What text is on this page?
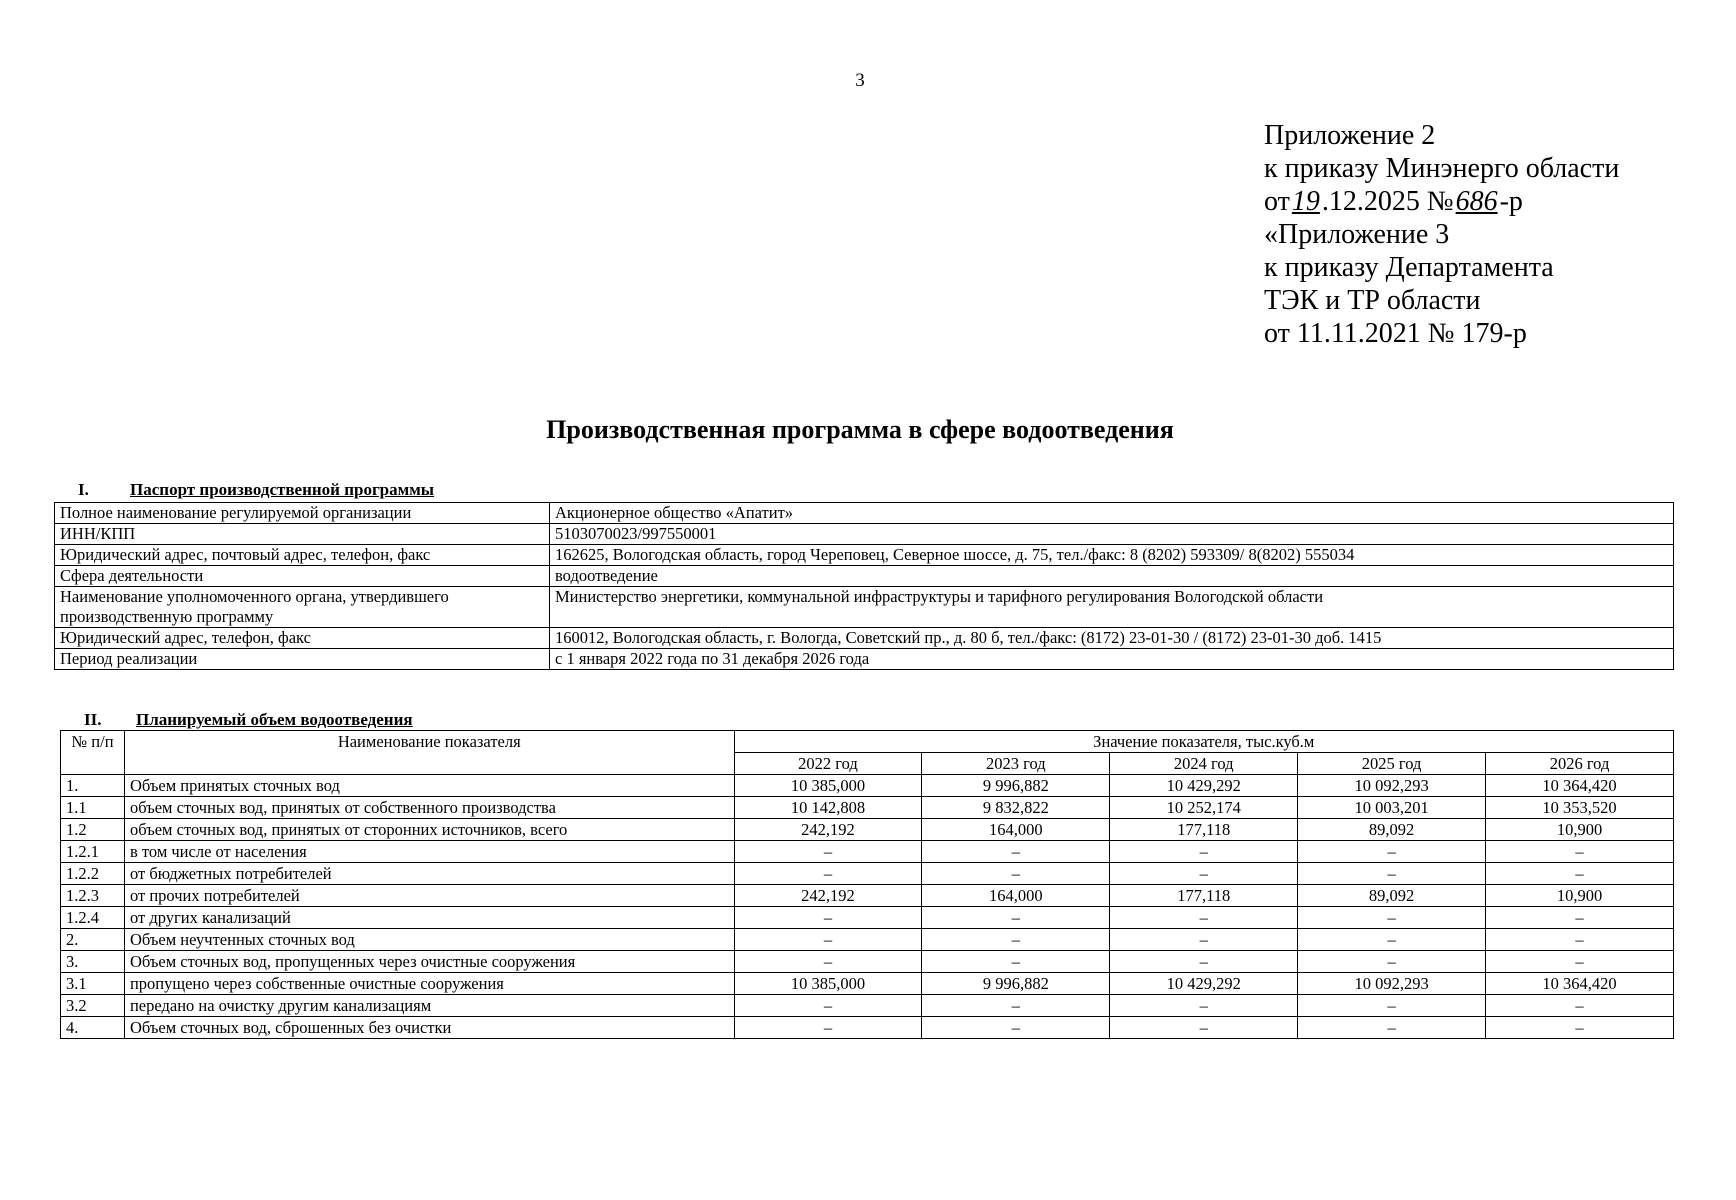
3
Приложение 2
к приказу Минэнерго области
от19.12.2025 №686-р
«Приложение 3
к приказу Департамента
ТЭК и ТР области
от 11.11.2021 № 179-р
Производственная программа в сфере водоотведения
I. Паспорт производственной программы
Полное наименование регулируемой организации	Акционерное общество «Апатит»
ИНН/КПП	5103070023/997550001
Юридический адрес, почтовый адрес, телефон, факс	162625, Вологодская область, город Череповец, Северное шоссе, д. 75, тел./факс: 8 (8202) 593309/ 8(8202) 555034
Сфера деятельности	водоотведение
Наименование уполномоченного органа, утвердившего производственную программу	Министерство энергетики, коммунальной инфраструктуры и тарифного регулирования Вологодской области
Юридический адрес, телефон, факс	160012, Вологодская область, г. Вологда, Советский пр., д. 80 б, тел./факс: (8172) 23-01-30 / (8172) 23-01-30 доб. 1415
Период реализации	с 1 января 2022 года по 31 декабря 2026 года
II. Планируемый объем водоотведения
№ п/п	Наименование показателя	Значение показателя, тыс.куб.м				
		2022 год	2023 год	2024 год	2025 год	2026 год
1.	Объем принятых сточных вод	10 385,000	9 996,882	10 429,292	10 092,293	10 364,420
1.1	объем сточных вод, принятых от собственного производства	10 142,808	9 832,822	10 252,174	10 003,201	10 353,520
1.2	объем сточных вод, принятых от сторонних источников, всего	242,192	164,000	177,118	89,092	10,900
1.2.1	в том числе от населения	–	–	–	–	–
1.2.2	от бюджетных потребителей	–	–	–	–	–
1.2.3	от прочих потребителей	242,192	164,000	177,118	89,092	10,900
1.2.4	от других канализаций	–	–	–	–	–
2.	Объем неучтенных сточных вод	–	–	–	–	–
3.	Объем сточных вод, пропущенных через очистные сооружения	–	–	–	–	–
3.1	пропущено через собственные очистные сооружения	10 385,000	9 996,882	10 429,292	10 092,293	10 364,420
3.2	передано на очистку другим канализациям	–	–	–	–	–
4.	Объем сточных вод, сброшенных без очистки	–	–	–	–	–
